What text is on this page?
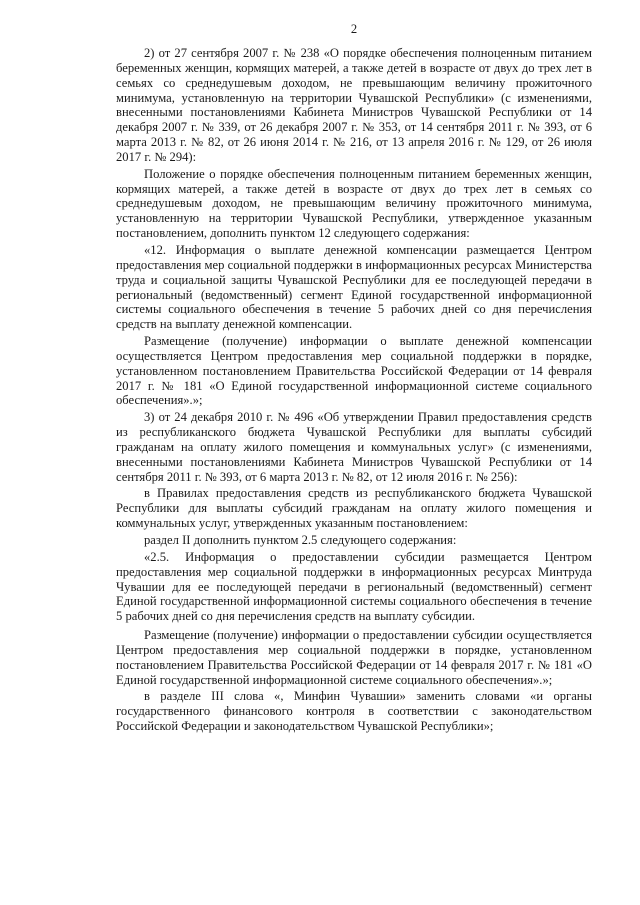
2

2) от 27 сентября 2007 г. № 238 «О порядке обеспечения полноценным питанием беременных женщин, кормящих матерей, а также детей в возрасте от двух до трех лет в семьях со среднедушевым доходом, не превышающим величину прожиточного минимума, установленную на территории Чувашской Республики» (с изменениями, внесенными постановлениями Кабинета Министров Чувашской Республики от 14 декабря 2007 г. № 339, от 26 декабря 2007 г. № 353, от 14 сентября 2011 г. № 393, от 6 марта 2013 г. № 82, от 26 июня 2014 г. № 216, от 13 апреля 2016 г. № 129, от 26 июля 2017 г. № 294):

Положение о порядке обеспечения полноценным питанием беременных женщин, кормящих матерей, а также детей в возрасте от двух до трех лет в семьях со среднедушевым доходом, не превышающим величину прожиточного минимума, установленную на территории Чувашской Республики, утвержденное указанным постановлением, дополнить пунктом 12 следующего содержания:

«12. Информация о выплате денежной компенсации размещается Центром предоставления мер социальной поддержки в информационных ресурсах Министерства труда и социальной защиты Чувашской Республики для ее последующей передачи в региональный (ведомственный) сегмент Единой государственной информационной системы социального обеспечения в течение 5 рабочих дней со дня перечисления средств на выплату денежной компенсации.

Размещение (получение) информации о выплате денежной компенсации осуществляется Центром предоставления мер социальной поддержки в порядке, установленном постановлением Правительства Российской Федерации от 14 февраля 2017 г. № 181 «О Единой государственной информационной системе социального обеспечения».»;

3) от 24 декабря 2010 г. № 496 «Об утверждении Правил предоставления средств из республиканского бюджета Чувашской Республики для выплаты субсидий гражданам на оплату жилого помещения и коммунальных услуг» (с изменениями, внесенными постановлениями Кабинета Министров Чувашской Республики от 14 сентября 2011 г. № 393, от 6 марта 2013 г. № 82, от 12 июля 2016 г. № 256):

в Правилах предоставления средств из республиканского бюджета Чувашской Республики для выплаты субсидий гражданам на оплату жилого помещения и коммунальных услуг, утвержденных указанным постановлением:

раздел II дополнить пунктом 2.5 следующего содержания:

«2.5. Информация о предоставлении субсидии размещается Центром предоставления мер социальной поддержки в информационных ресурсах Минтруда Чувашии для ее последующей передачи в региональный (ведомственный) сегмент Единой государственной информационной системы социального обеспечения в течение 5 рабочих дней со дня перечисления средств на выплату субсидии.

Размещение (получение) информации о предоставлении субсидии осуществляется Центром предоставления мер социальной поддержки в порядке, установленном постановлением Правительства Российской Федерации от 14 февраля 2017 г. № 181 «О Единой государственной информационной системе социального обеспечения».»;

в разделе III слова «, Минфин Чувашии» заменить словами «и органы государственного финансового контроля в соответствии с законодательством Российской Федерации и законодательством Чувашской Республики»;
